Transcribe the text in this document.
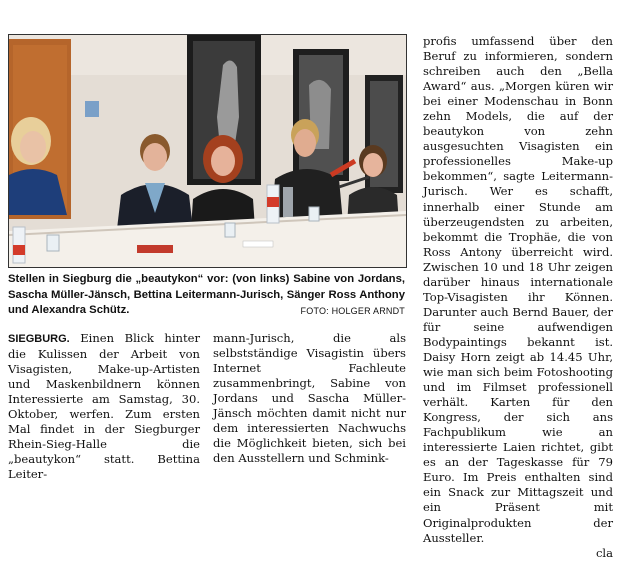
Stellen in Siegburg die „beautykon“ vor: (von links) Sabine von Jordans, Sascha Müller-Jänsch, Bettina Leitermann-Jurisch, Sänger Ross Anthony und Alexandra Schütz.	FOTO: HOLGER ARNDT
SIEGBURG. Einen Blick hinter die Kulissen der Arbeit von Visagisten, Make-up-Artisten und Maskenbildnern können Interessierte am Samstag, 30. Oktober, werfen. Zum ersten Mal findet in der Siegburger Rhein-Sieg-Halle die „beautykon“ statt. Bettina Leiter-
mann-Jurisch, die als selbstständige Visagistin übers Internet Fachleute zusammenbringt, Sabine von Jordans und Sascha Müller-Jänsch möchten damit nicht nur dem interessierten Nachwuchs die Möglichkeit bieten, sich bei den Ausstellern und Schmink-
profis umfassend über den Beruf zu informieren, sondern schreiben auch den „Bella Award“ aus. „Morgen küren wir bei einer Modenschau in Bonn zehn Models, die auf der beautykon von zehn ausgesuchten Visagisten ein professionelles Make-up bekommen“, sagte Leitermann-Jurisch. Wer es schafft, innerhalb einer Stunde am überzeugendsten zu arbeiten, bekommt die Trophäe, die von Ross Antony überreicht wird. Zwischen 10 und 18 Uhr zeigen darüber hinaus internationale Top-Visagisten ihr Können. Darunter auch Bernd Bauer, der für seine aufwendigen Bodypaintings bekannt ist. Daisy Horn zeigt ab 14.45 Uhr, wie man sich beim Fotoshooting und im Filmset professionell verhält. Karten für den Kongress, der sich ans Fachpublikum wie an interessierte Laien richtet, gibt es an der Tageskasse für 79 Euro. Im Preis enthalten sind ein Snack zur Mittagszeit und ein Präsent mit Originalprodukten der Aussteller.
cla
